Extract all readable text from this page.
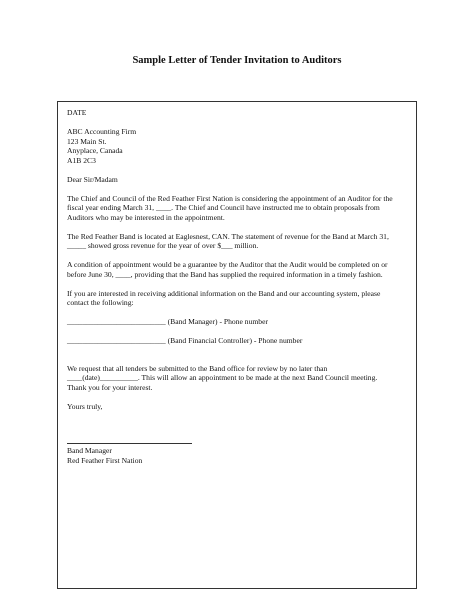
Sample Letter of Tender Invitation to Auditors
DATE
ABC Accounting Firm
123 Main St.
Anyplace, Canada
A1B 2C3
Dear Sir/Madam
The Chief and Council of the Red Feather First Nation is considering the appointment of an Auditor for the
fiscal year ending March 31, ____. The Chief and Council have instructed me to obtain proposals from
Auditors who may be interested in the appointment.
The Red Feather Band is located at Eaglesnest, CAN. The statement of revenue for the Band at March 31,
_____ showed gross revenue for the year of over $___ million.
A condition of appointment would be a guarantee by the Auditor that the Audit would be completed on or
before June 30, ____, providing that the Band has supplied the required information in a timely fashion.
If you are interested in receiving additional information on the Band and our accounting system, please
contact the following:
__________________________ (Band Manager) - Phone number
__________________________ (Band Financial Controller) - Phone number
We request that all tenders be submitted to the Band office for review by no later than
____(date)__________. This will allow an appointment to be made at the next Band Council meeting.
Thank you for your interest.
Yours truly,
Band Manager
Red Feather First Nation
